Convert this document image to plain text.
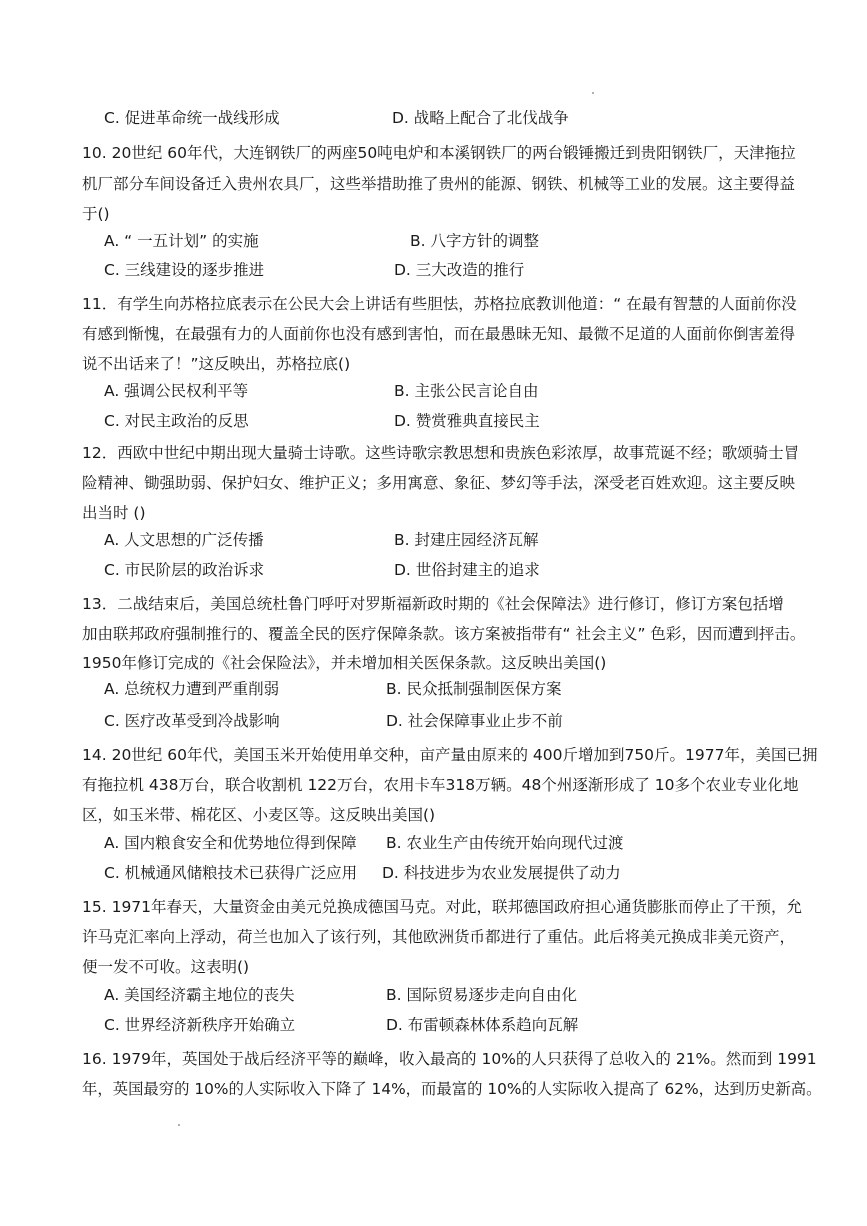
C. 促进革命统一战线形成	D. 战略上配合了北伐战争
10. 20世纪 60年代，大连钢铁厂的两座50吨电炉和本溪钢铁厂的两台锻锤搬迁到贵阳钢铁厂，天津拖拉
机厂部分车间设备迁入贵州农具厂，这些举措助推了贵州的能源、钢铁、机械等工业的发展。这主要得益
于()
A. “ 一五计划” 的实施	B. 八字方针的调整
C. 三线建设的逐步推进	D. 三大改造的推行
11．有学生向苏格拉底表示在公民大会上讲话有些胆怯，苏格拉底教训他道：“ 在最有智慧的人面前你没
有感到惭愧，在最强有力的人面前你也没有感到害怕，而在最愚昧无知、最微不足道的人面前你倒害羞得
说不出话来了！”这反映出，苏格拉底()
A. 强调公民权利平等	B. 主张公民言论自由
C. 对民主政治的反思	D. 赞赏雅典直接民主
12．西欧中世纪中期出现大量骑士诗歌。这些诗歌宗教思想和贵族色彩浓厚，故事荒诞不经；歌颂骑士冒
险精神、锄强助弱、保护妇女、维护正义；多用寓意、象征、梦幻等手法，深受老百姓欢迎。这主要反映
出当时 ()
A. 人文思想的广泛传播	B. 封建庄园经济瓦解
C. 市民阶层的政治诉求	D. 世俗封建主的追求
13．二战结束后，美国总统杜鲁门呼吁对罗斯福新政时期的《社会保障法》进行修订，修订方案包括增
加由联邦政府强制推行的、覆盖全民的医疗保障条款。该方案被指带有“ 社会主义” 色彩，因而遭到抨击。
1950年修订完成的《社会保险法》，并未增加相关医保条款。这反映出美国()
A. 总统权力遭到严重削弱	B. 民众抵制强制医保方案
C. 医疗改革受到冷战影响	D. 社会保障事业止步不前
14. 20世纪 60年代，美国玉米开始使用单交种，亩产量由原来的 400斤增加到750斤。1977年，美国已拥
有拖拉机 438万台，联合收割机 122万台，农用卡车318万辆。48个州逐渐形成了 10多个农业专业化地
区，如玉米带、棉花区、小麦区等。这反映出美国()
A. 国内粮食安全和优势地位得到保障 B. 农业生产由传统开始向现代过渡
C. 机械通风储粮技术已获得广泛应用 D. 科技进步为农业发展提供了动力
15. 1971年春天，大量资金由美元兑换成德国马克。对此，联邦德国政府担心通货膨胀而停止了干预，允
许马克汇率向上浮动，荷兰也加入了该行列，其他欧洲货币都进行了重估。此后将美元换成非美元资产，
便一发不可收。这表明()
A. 美国经济霸主地位的丧失	B. 国际贸易逐步走向自由化
C. 世界经济新秩序开始确立	D. 布雷顿森林体系趋向瓦解
16. 1979年，英国处于战后经济平等的巅峰，收入最高的 10%的人只获得了总收入的 21%。然而到 1991
年，英国最穷的 10%的人实际收入下降了 14%，而最富的 10%的人实际收入提高了 62%，达到历史新高。
